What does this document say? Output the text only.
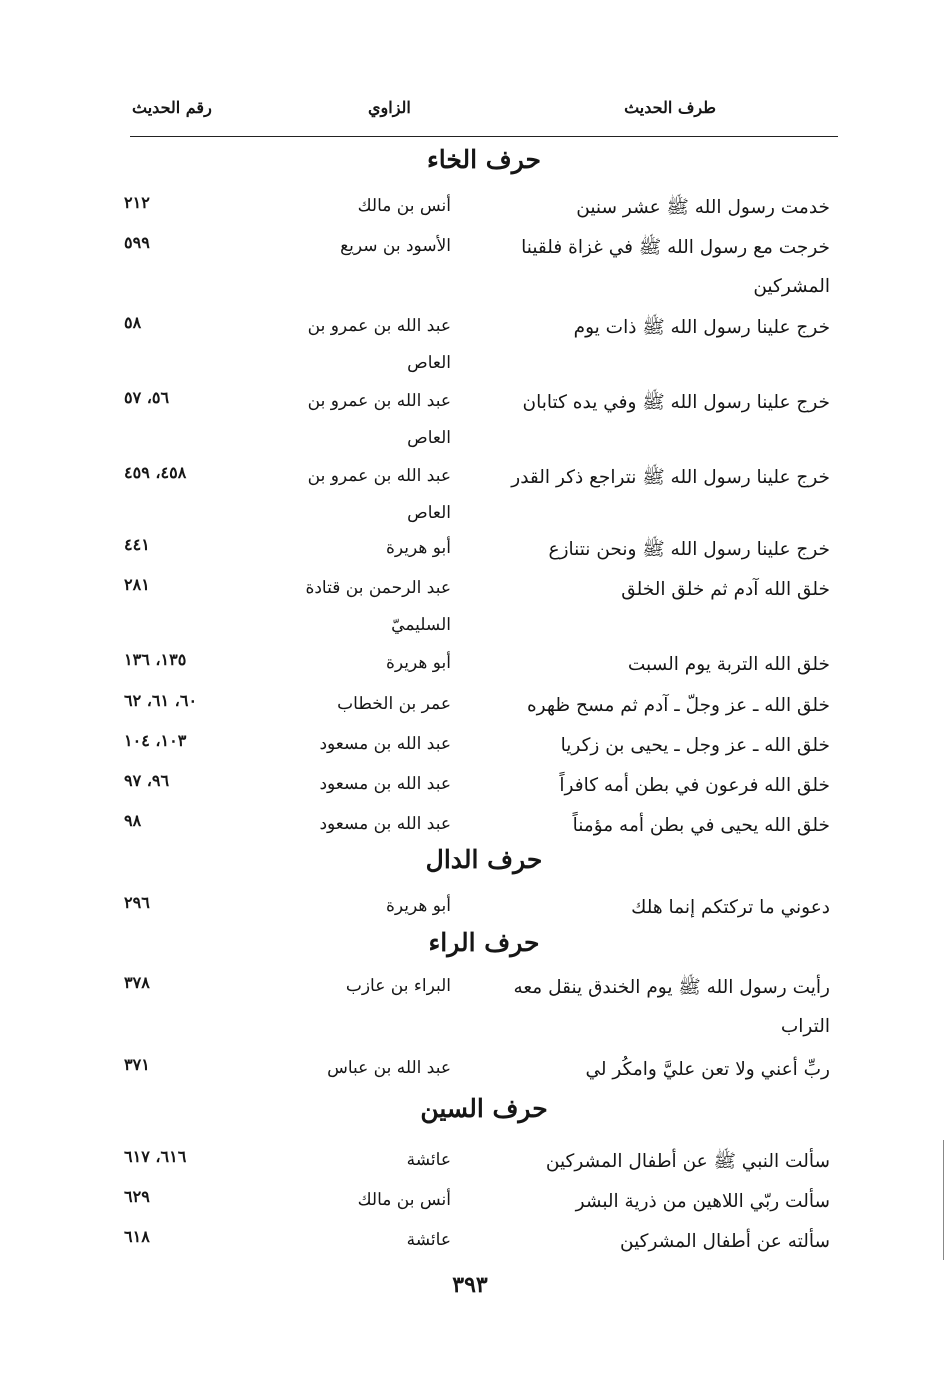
رقم الحديث	الزاوي	طرف الحديث
حرف الخاء
خدمت رسول الله ﷺ عشر سنين
أنس بن مالك
٢١٢
خرجت مع رسول الله ﷺ في غزاة فلقينا المشركين
الأسود بن سريع
٥٩٩
خرج علينا رسول الله ﷺ ذات يوم
عبد الله بن عمرو بن العاص
٥٨
خرج علينا رسول الله ﷺ وفي يده كتابان
عبد الله بن عمرو بن العاص
٥٦، ٥٧
خرج علينا رسول الله ﷺ نتراجع ذكر القدر
عبد الله بن عمرو بن العاص
٤٥٨، ٤٥٩
خرج علينا رسول الله ﷺ ونحن نتنازع
أبو هريرة
٤٤١
خلق الله آدم ثم خلق الخلق
عبد الرحمن بن قتادة السليميّ
٢٨١
خلق الله التربة يوم السبت
أبو هريرة
١٣٥، ١٣٦
خلق الله ـ عز وجلّ ـ آدم ثم مسح ظهره
عمر بن الخطاب
٦٠، ٦١، ٦٢
خلق الله ـ عز وجل ـ يحيى بن زكريا
عبد الله بن مسعود
١٠٣، ١٠٤
خلق الله فرعون في بطن أمه كافراً
عبد الله بن مسعود
٩٦، ٩٧
خلق الله يحيى في بطن أمه مؤمناً
عبد الله بن مسعود
٩٨
حرف الدال
دعوني ما تركتكم إنما هلك
أبو هريرة
٢٩٦
حرف الراء
رأيت رسول الله ﷺ يوم الخندق ينقل معه التراب
البراء بن عازب
٣٧٨
ربِّ أعني ولا تعن عليَّ وامكُر لي
عبد الله بن عباس
٣٧١
حرف السين
سألت النبي ﷺ عن أطفال المشركين
عائشة
٦١٦، ٦١٧
سألت ربّي اللاهين من ذرية البشر
أنس بن مالك
٦٢٩
سألته عن أطفال المشركين
عائشة
٦١٨
٣٩٣
